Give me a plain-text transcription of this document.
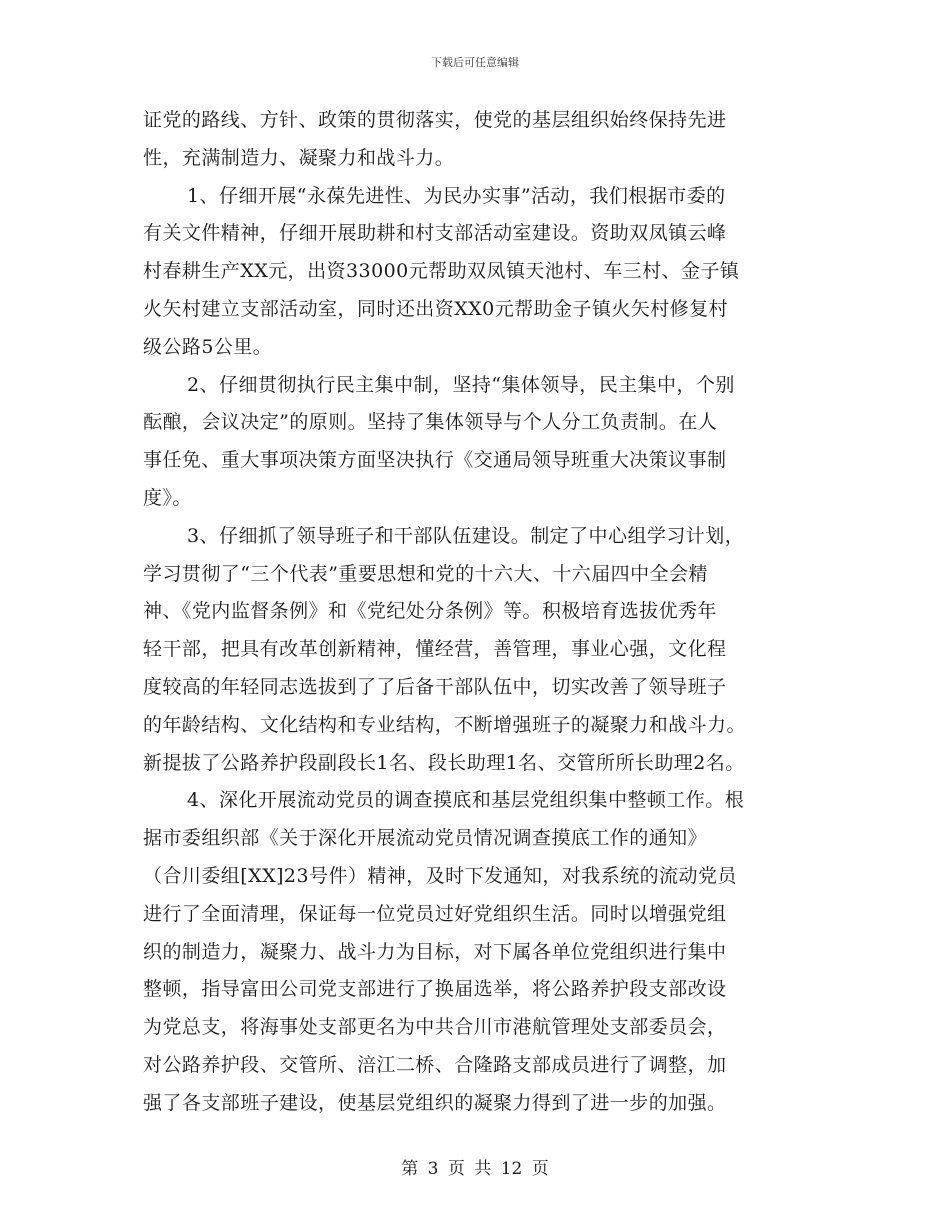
下载后可任意编辑
证党的路线、方针、政策的贯彻落实，使党的基层组织始终保持先进
性，充满制造力、凝聚力和战斗力。
1、仔细开展“永葆先进性、为民办实事”活动，我们根据市委的
有关文件精神，仔细开展助耕和村支部活动室建设。资助双凤镇云峰
村春耕生产XX元，出资33000元帮助双凤镇天池村、车三村、金子镇
火矢村建立支部活动室，同时还出资XX0元帮助金子镇火矢村修复村
级公路5公里。
2、仔细贯彻执行民主集中制，坚持“集体领导，民主集中，个别
酝酿，会议决定”的原则。坚持了集体领导与个人分工负责制。在人
事任免、重大事项决策方面坚决执行《交通局领导班重大决策议事制
度》。
3、仔细抓了领导班子和干部队伍建设。制定了中心组学习计划，
学习贯彻了“三个代表”重要思想和党的十六大、十六届四中全会精
神、《党内监督条例》和《党纪处分条例》等。积极培育选拔优秀年
轻干部，把具有改革创新精神，懂经营，善管理，事业心强，文化程
度较高的年轻同志选拔到了了后备干部队伍中，切实改善了领导班子
的年龄结构、文化结构和专业结构，不断增强班子的凝聚力和战斗力。
新提拔了公路养护段副段长1名、段长助理1名、交管所所长助理2名。
4、深化开展流动党员的调查摸底和基层党组织集中整顿工作。根
据市委组织部《关于深化开展流动党员情况调查摸底工作的通知》
（合川委组[XX]23号件）精神，及时下发通知，对我系统的流动党员
进行了全面清理，保证每一位党员过好党组织生活。同时以增强党组
织的制造力，凝聚力、战斗力为目标，对下属各单位党组织进行集中
整顿，指导富田公司党支部进行了换届选举，将公路养护段支部改设
为党总支，将海事处支部更名为中共合川市港航管理处支部委员会，
对公路养护段、交管所、涪江二桥、合隆路支部成员进行了调整，加
强了各支部班子建设，使基层党组织的凝聚力得到了进一步的加强。
第 3 页 共 12 页
